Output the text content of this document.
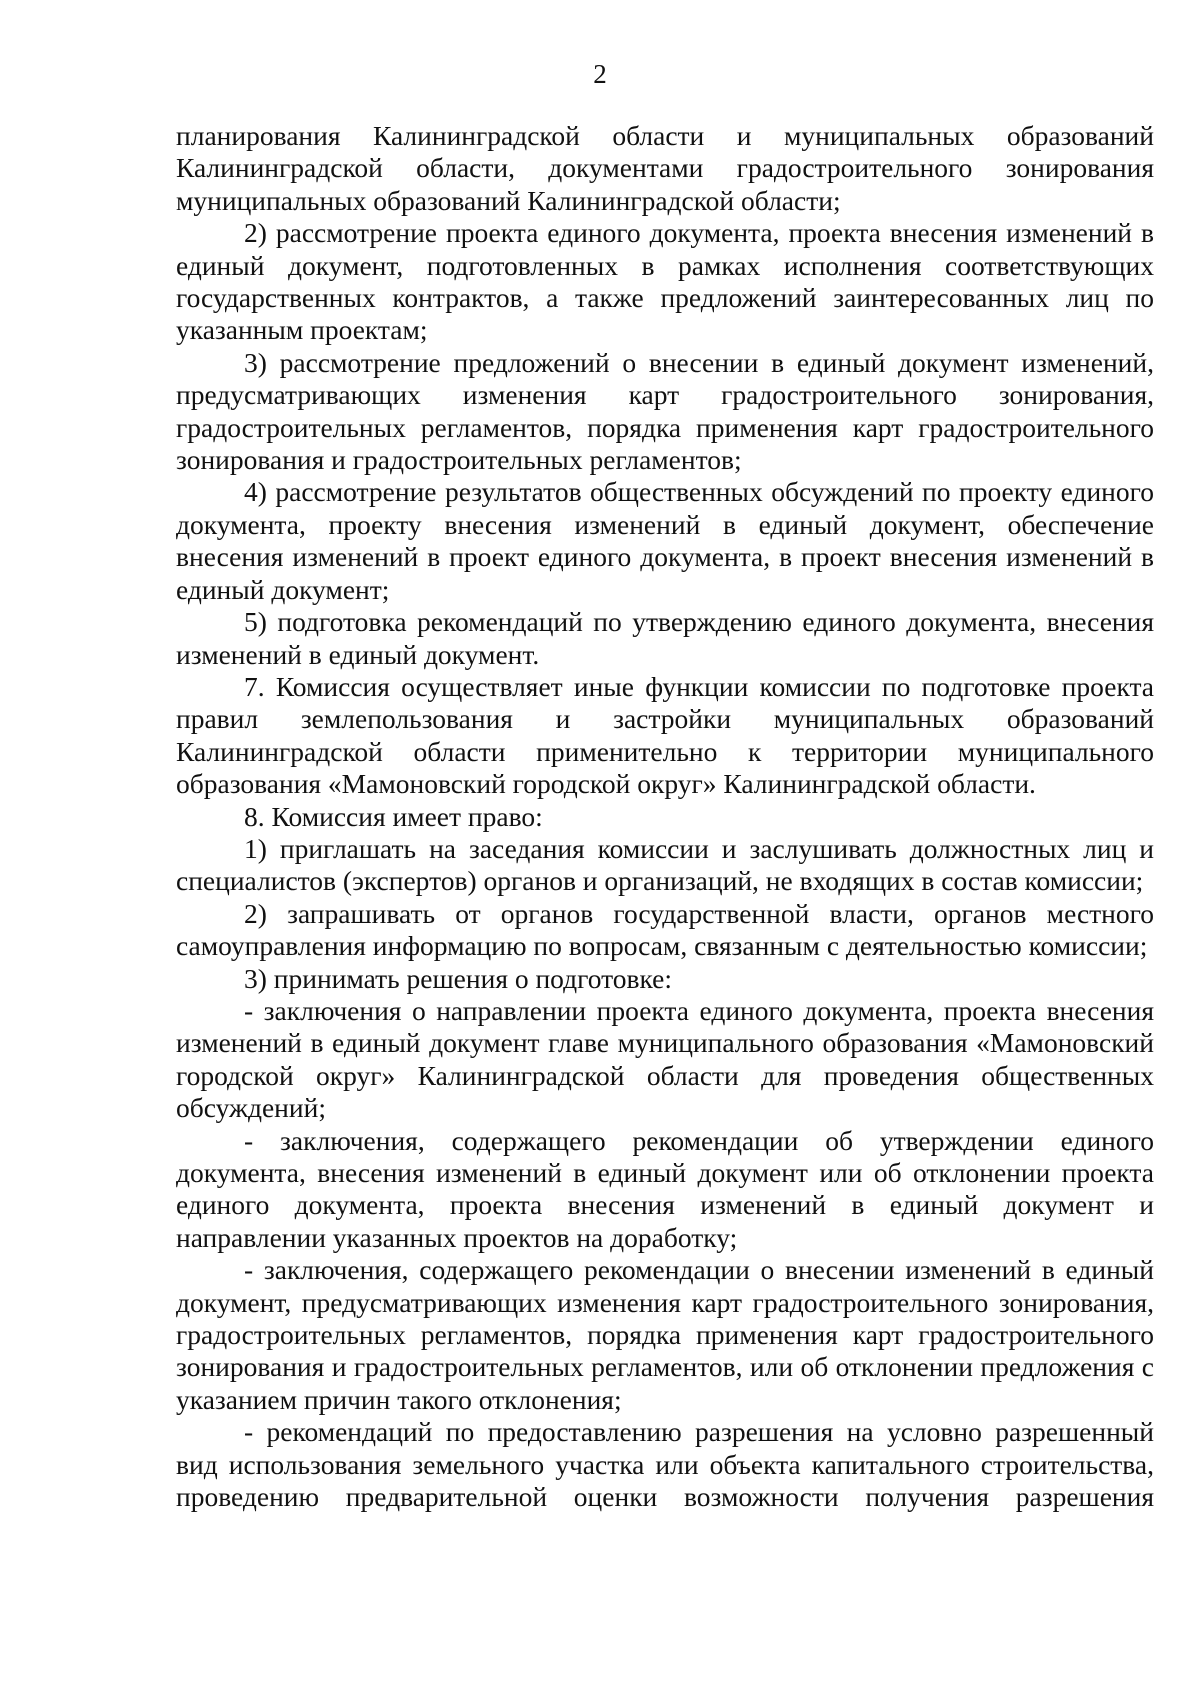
2

планирования Калининградской области и муниципальных образований Калининградской области, документами градостроительного зонирования муниципальных образований Калининградской области;

2) рассмотрение проекта единого документа, проекта внесения изменений в единый документ, подготовленных в рамках исполнения соответствующих государственных контрактов, а также предложений заинтересованных лиц по указанным проектам;

3) рассмотрение предложений о внесении в единый документ изменений, предусматривающих изменения карт градостроительного зонирования, градостроительных регламентов, порядка применения карт градостроительного зонирования и градостроительных регламентов;

4) рассмотрение результатов общественных обсуждений по проекту единого документа, проекту внесения изменений в единый документ, обеспечение внесения изменений в проект единого документа, в проект внесения изменений в единый документ;

5) подготовка рекомендаций по утверждению единого документа, внесения изменений в единый документ.

7. Комиссия осуществляет иные функции комиссии по подготовке проекта правил землепользования и застройки муниципальных образований Калининградской области применительно к территории муниципального образования «Мамоновский городской округ» Калининградской области.

8. Комиссия имеет право:

1) приглашать на заседания комиссии и заслушивать должностных лиц и специалистов (экспертов) органов и организаций, не входящих в состав комиссии;

2) запрашивать от органов государственной власти, органов местного самоуправления информацию по вопросам, связанным с деятельностью комиссии;

3) принимать решения о подготовке:

- заключения о направлении проекта единого документа, проекта внесения изменений в единый документ главе муниципального образования «Мамоновский городской округ» Калининградской области для проведения общественных обсуждений;

- заключения, содержащего рекомендации об утверждении единого документа, внесения изменений в единый документ или об отклонении проекта единого документа, проекта внесения изменений в единый документ и направлении указанных проектов на доработку;

- заключения, содержащего рекомендации о внесении изменений в единый документ, предусматривающих изменения карт градостроительного зонирования, градостроительных регламентов, порядка применения карт градостроительного зонирования и градостроительных регламентов, или об отклонении предложения с указанием причин такого отклонения;

- рекомендаций по предоставлению разрешения на условно разрешенный вид использования земельного участка или объекта капитального строительства, проведению предварительной оценки возможности получения разрешения
